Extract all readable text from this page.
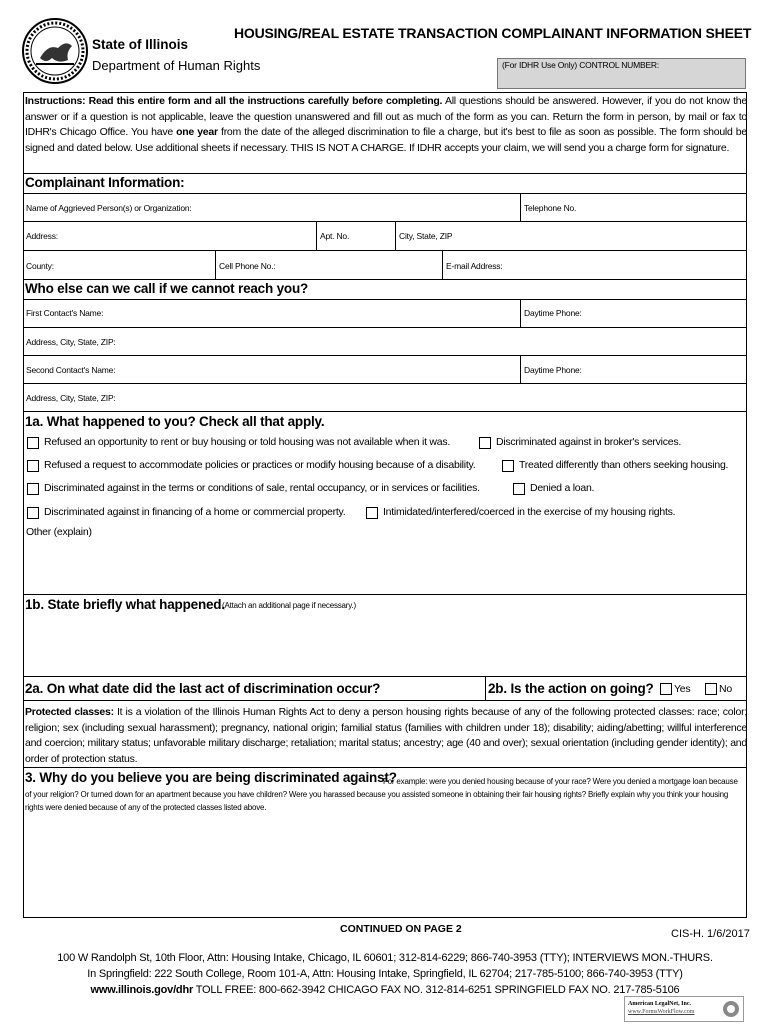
State of Illinois
Department of Human Rights
HOUSING/REAL ESTATE TRANSACTION COMPLAINANT INFORMATION SHEET
(For IDHR Use Only) CONTROL NUMBER:
Instructions: Read this entire form and all the instructions carefully before completing. All questions should be answered. However, if you do not know the answer or if a question is not applicable, leave the question unanswered and fill out as much of the form as you can. Return the form in person, by mail or fax to IDHR's Chicago Office. You have one year from the date of the alleged discrimination to file a charge, but it's best to file as soon as possible. The form should be signed and dated below. Use additional sheets if necessary. THIS IS NOT A CHARGE. If IDHR accepts your claim, we will send you a charge form for signature.
Complainant Information:
Name of Aggrieved Person(s) or Organization:	Telephone No.
Address:	Apt. No.	City, State, ZIP
County:	Cell Phone No.:	E-mail Address:
Who else can we call if we cannot reach you?
First Contact's Name:	Daytime Phone:
Address, City, State, ZIP:
Second Contact's Name:	Daytime Phone:
Address, City, State, ZIP:
1a. What happened to you? Check all that apply.
Refused an opportunity to rent or buy housing or told housing was not available when it was.	Discriminated against in broker's services.
Refused a request to accommodate policies or practices or modify housing because of a disability.	Treated differently than others seeking housing.
Discriminated against in the terms or conditions of sale, rental occupancy, or in services or facilities.	Denied a loan.
Discriminated against in financing of a home or commercial property.	Intimidated/interfered/coerced in the exercise of my housing rights.
Other (explain)
1b. State briefly what happened.
(Attach an additional page if necessary.)
2a. On what date did the last act of discrimination occur?	2b. Is the action on going? Yes	No
Protected classes: It is a violation of the Illinois Human Rights Act to deny a person housing rights because of any of the following protected classes: race; color; religion; sex (including sexual harassment); pregnancy, national origin; familial status (families with children under 18); disability; aiding/abetting; willful interference and coercion; military status; unfavorable military discharge; retaliation; marital status; ancestry; age (40 and over); sexual orientation (including gender identity); and order of protection status.
3. Why do you believe you are being discriminated against?
For example: were you denied housing because of your race? Were you denied a mortgage loan because of your religion? Or turned down for an apartment because you have children? Were you harassed because you assisted someone in obtaining their fair housing rights? Briefly explain why you think your housing rights were denied because of any of the protected classes listed above.
CONTINUED ON PAGE 2	CIS-H. 1/6/2017
100 W Randolph St, 10th Floor, Attn: Housing Intake, Chicago, IL 60601; 312-814-6229; 866-740-3953 (TTY); INTERVIEWS MON.-THURS.
In Springfield: 222 South College, Room 101-A, Attn: Housing Intake, Springfield, IL 62704; 217-785-5100; 866-740-3953 (TTY)
www.illinois.gov/dhr TOLL FREE: 800-662-3942 CHICAGO FAX NO. 312-814-6251 SPRINGFIELD FAX NO. 217-785-5106
American LegalNet, Inc.
www.FormsWorkFlow.com
